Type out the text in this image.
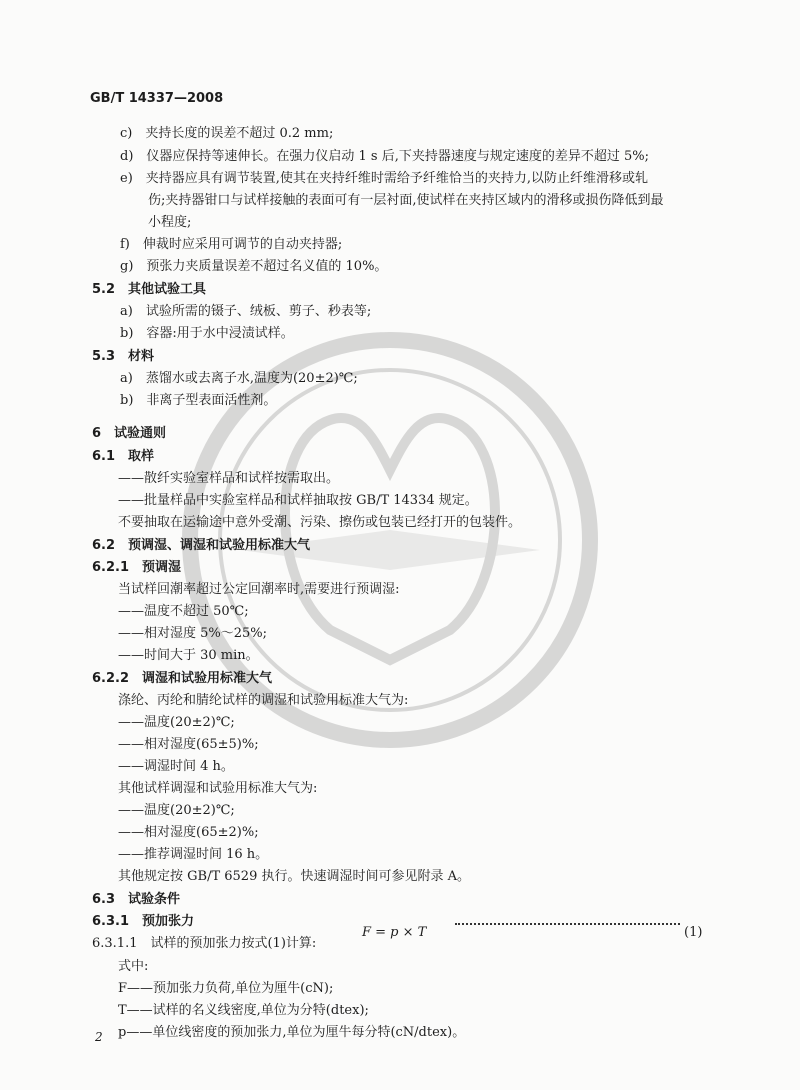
GB/T 14337—2008
c)　夹持长度的误差不超过 0.2 mm;
d)　仪器应保持等速伸长。在强力仪启动 1 s 后,下夹持器速度与规定速度的差异不超过 5%;
e)　夹持器应具有调节装置,使其在夹持纤维时需给予纤维恰当的夹持力,以防止纤维滑移或轧
伤;夹持器钳口与试样接触的表面可有一层衬面,使试样在夹持区域内的滑移或损伤降低到最
小程度;
f)　伸裁时应采用可调节的自动夹持器;
g)　预张力夹质量误差不超过名义值的 10%。
5.2　其他试验工具
a)　试验所需的镊子、绒板、剪子、秒表等;
b)　容器:用于水中浸渍试样。
5.3　材料
a)　蒸馏水或去离子水,温度为(20±2)℃;
b)　非离子型表面活性剂。
6　试验通则
6.1　取样
——散纤实验室样品和试样按需取出。
——批量样品中实验室样品和试样抽取按 GB/T 14334 规定。
不要抽取在运输途中意外受潮、污染、擦伤或包装已经打开的包装件。
6.2　预调湿、调湿和试验用标准大气
6.2.1　预调湿
当试样回潮率超过公定回潮率时,需要进行预调湿:
——温度不超过 50℃;
——相对湿度 5%～25%;
——时间大于 30 min。
6.2.2　调湿和试验用标准大气
涤纶、丙纶和腈纶试样的调湿和试验用标准大气为:
——温度(20±2)℃;
——相对湿度(65±5)%;
——调湿时间 4 h。
其他试样调湿和试验用标准大气为:
——温度(20±2)℃;
——相对湿度(65±2)%;
——推荐调湿时间 16 h。
其他规定按 GB/T 6529 执行。快速调湿时间可参见附录 A。
6.3　试验条件
6.3.1　预加张力
6.3.1.1　试样的预加张力按式(1)计算:
F = p × T	(1)
式中:
F——预加张力负荷,单位为厘牛(cN);
T——试样的名义线密度,单位为分特(dtex);
p——单位线密度的预加张力,单位为厘牛每分特(cN/dtex)。
2
